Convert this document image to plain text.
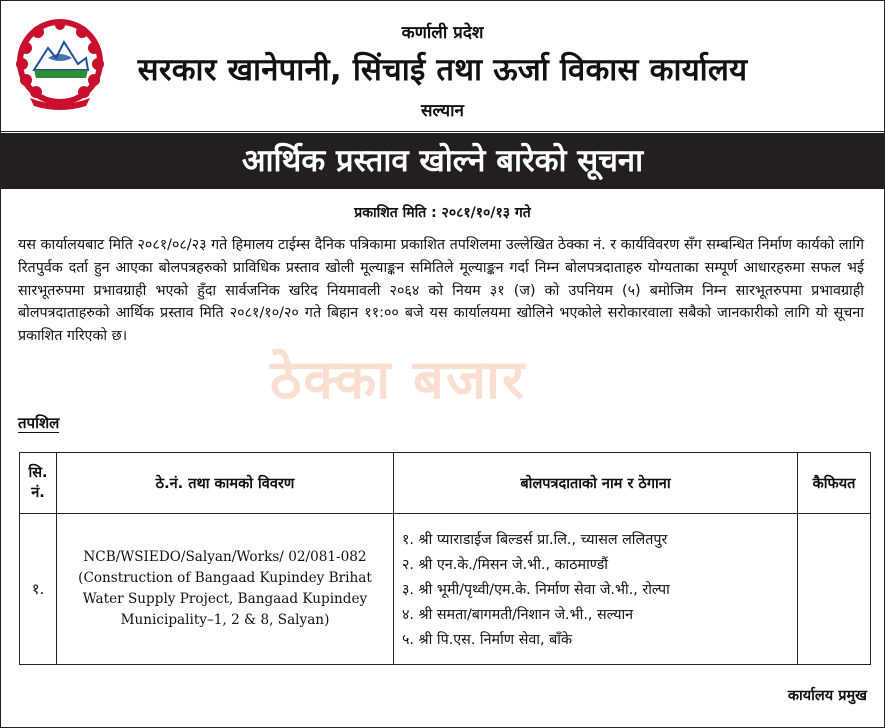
कर्णाली प्रदेश
सरकार खानेपानी, सिंचाई तथा ऊर्जा विकास कार्यालय
सल्यान
आर्थिक प्रस्ताव खोल्ने बारेको सूचना
प्रकाशित मिति : २०८१/१०/१३ गते
ठेक्का बजार
यस कार्यालयबाट मिति २०८१/०८/२३ गते हिमालय टाईम्स दैनिक पत्रिकामा प्रकाशित तपशिलमा उल्लेखित ठेक्का नं. र कार्यविवरण सँग सम्बन्धित निर्माण कार्यको लागि रितपुर्वक दर्ता हुन आएका बोलपत्रहरुको प्राविधिक प्रस्ताव खोली मूल्याङ्कन समितिले मूल्याङ्कन गर्दा निम्न बोलपत्रदाताहरु योग्यताका सम्पूर्ण आधारहरुमा सफल भई सारभूतरुपमा प्रभावग्राही भएको हुँदा सार्वजनिक खरिद नियमावली २०६४ को नियम ३१ (ज) को उपनियम (५) बमोजिम निम्न सारभूतरुपमा प्रभावग्राही बोलपत्रदाताहरुको आर्थिक प्रस्ताव मिति २०८१/१०/२० गते बिहान ११:०० बजे यस कार्यालयमा खोलिने भएकोले सरोकारवाला सबैको जानकारीको लागि यो सूचना प्रकाशित गरिएको छ।
तपशिल
सि. नं.	ठे.नं. तथा कामको विवरण	बोलपत्रदाताको नाम र ठेगाना	कैफियत
१.	NCB/WSIEDO/Salyan/Works/ 02/081-082 (Construction of Bangaad Kupindey Brihat Water Supply Project, Bangaad Kupindey Municipality–1, 2 & 8, Salyan)	१. श्री प्याराडाईज बिल्डर्स प्रा.लि., च्यासल ललितपुर
२. श्री एन.के./मिसन जे.भी., काठमाण्डौं
३. श्री भूमी/पृथ्वी/एम.के. निर्माण सेवा जे.भी., रोल्पा
४. श्री समता/बागमती/निशान जे.भी., सल्यान
५. श्री पि.एस. निर्माण सेवा, बाँके	

कार्यालय प्रमुख
